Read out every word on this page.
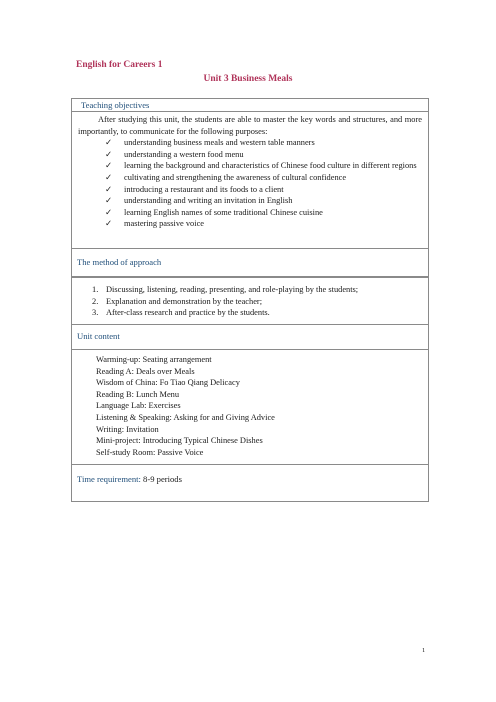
English for Careers 1
Unit 3 Business Meals
Teaching objectives
After studying this unit, the students are able to master the key words and structures, and more importantly, to communicate for the following purposes:
✓ understanding business meals and western table manners
✓ understanding a western food menu
✓ learning the background and characteristics of Chinese food culture in different regions
✓ cultivating and strengthening the awareness of cultural confidence
✓ introducing a restaurant and its foods to a client
✓ understanding and writing an invitation in English
✓ learning English names of some traditional Chinese cuisine
✓ mastering passive voice
The method of approach
1. Discussing, listening, reading, presenting, and role-playing by the students;
2. Explanation and demonstration by the teacher;
3. After-class research and practice by the students.
Unit content
Warming-up: Seating arrangement
Reading A: Deals over Meals
Wisdom of China: Fo Tiao Qiang Delicacy
Reading B: Lunch Menu
Language Lab: Exercises
Listening & Speaking: Asking for and Giving Advice
Writing: Invitation
Mini-project: Introducing Typical Chinese Dishes
Self-study Room: Passive Voice
Time requirement: 8-9 periods
1
